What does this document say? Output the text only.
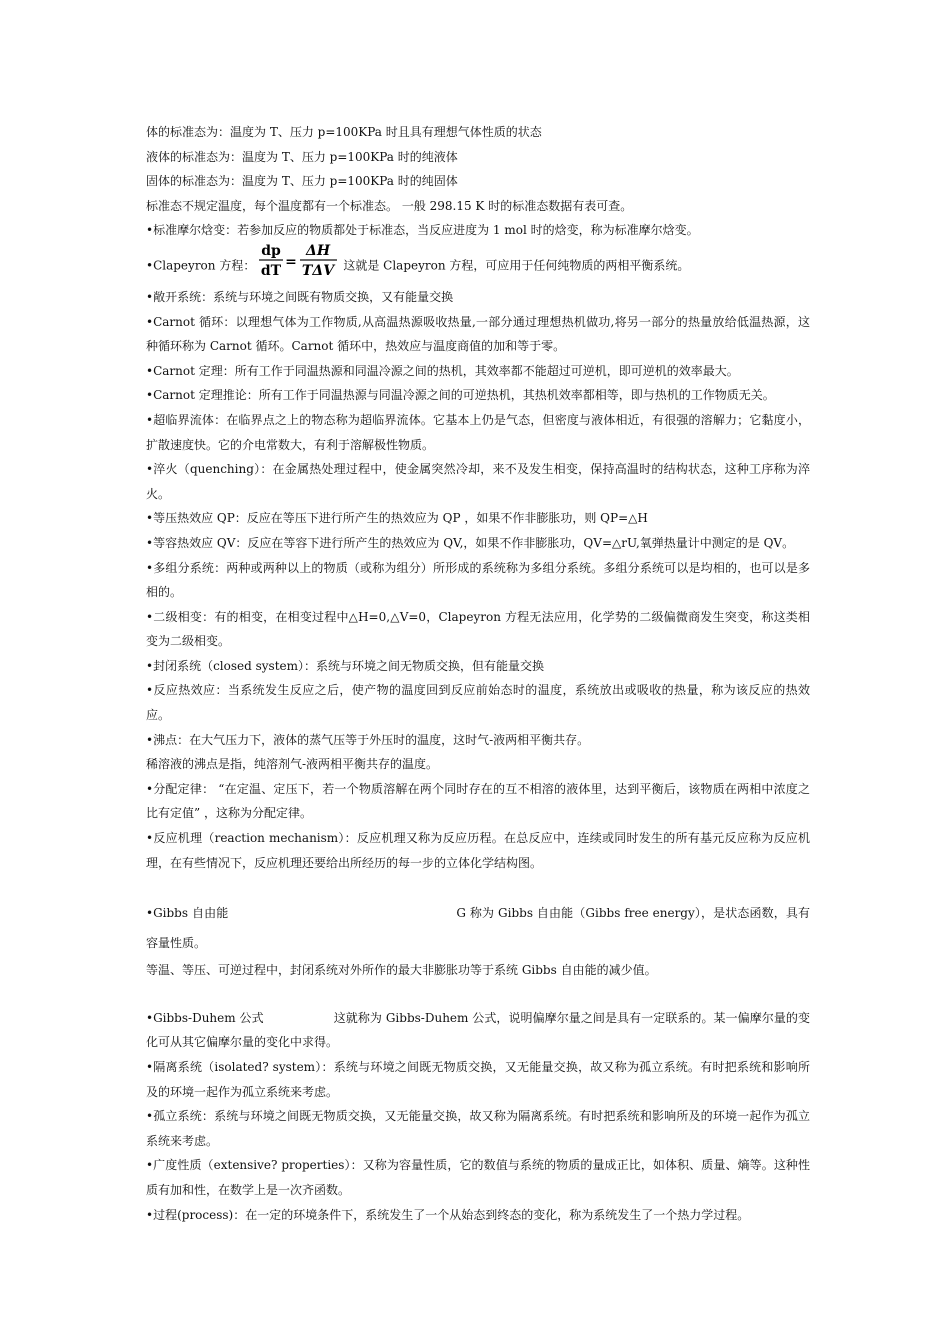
体的标准态为：温度为 T、压力 p=100KPa 时且具有理想气体性质的状态

液体的标准态为：温度为 T、压力 p=100KPa 时的纯液体

固体的标准态为：温度为 T、压力 p=100KPa 时的纯固体

标准态不规定温度，每个温度都有一个标准态。 一般 298.15 K 时的标准态数据有表可查。

•标准摩尔焓变：若参加反应的物质都处于标准态，当反应进度为 1 mol 时的焓变，称为标准摩尔焓变。

•Clapeyron 方程：
dp
dT
=
ΔH
TΔV 这就是 Clapeyron 方程，可应用于任何纯物质的两相平衡系统。

•敞开系统：系统与环境之间既有物质交换，又有能量交换

•Carnot 循环：以理想气体为工作物质,从高温热源吸收热量,一部分通过理想热机做功,将另一部分的热量放给低温热源，这种循环称为 Carnot 循环。Carnot 循环中，热效应与温度商值的加和等于零。

•Carnot 定理：所有工作于同温热源和同温冷源之间的热机，其效率都不能超过可逆机，即可逆机的效率最大。

•Carnot 定理推论：所有工作于同温热源与同温冷源之间的可逆热机，其热机效率都相等，即与热机的工作物质无关。

•超临界流体：在临界点之上的物态称为超临界流体。它基本上仍是气态，但密度与液体相近，有很强的溶解力；它黏度小，扩散速度快。它的介电常数大，有利于溶解极性物质。

•淬火（quenching）：在金属热处理过程中，使金属突然冷却，来不及发生相变，保持高温时的结构状态，这种工序称为淬火。

•等压热效应 QP：反应在等压下进行所产生的热效应为 QP ，如果不作非膨胀功，则 QP=△H

•等容热效应 QV：反应在等容下进行所产生的热效应为 QV,，如果不作非膨胀功，QV=△rU,氧弹热量计中测定的是 QV。

•多组分系统：两种或两种以上的物质（或称为组分）所形成的系统称为多组分系统。多组分系统可以是均相的，也可以是多相的。

•二级相变：有的相变，在相变过程中△H=0,△V=0，Clapeyron 方程无法应用，化学势的二级偏微商发生突变，称这类相变为二级相变。

•封闭系统（closed system）：系统与环境之间无物质交换，但有能量交换

•反应热效应：当系统发生反应之后，使产物的温度回到反应前始态时的温度，系统放出或吸收的热量，称为该反应的热效应。

•沸点：在大气压力下，液体的蒸气压等于外压时的温度，这时气-液两相平衡共存。

稀溶液的沸点是指，纯溶剂气-液两相平衡共存的温度。

•分配定律： “在定温、定压下，若一个物质溶解在两个同时存在的互不相溶的液体里，达到平衡后，该物质在两相中浓度之比有定值” ，这称为分配定律。

•反应机理（reaction mechanism）：反应机理又称为反应历程。在总反应中，连续或同时发生的所有基元反应称为反应机理，在有些情况下，反应机理还要给出所经历的每一步的立体化学结构图。

•Gibbs 自由能	G 称为 Gibbs 自由能（Gibbs free energy），是状态函数，具有容量性质。

等温、等压、可逆过程中，封闭系统对外所作的最大非膨胀功等于系统 Gibbs 自由能的减少值。

•Gibbs-Duhem 公式	这就称为 Gibbs-Duhem 公式，说明偏摩尔量之间是具有一定联系的。某一偏摩尔量的变化可从其它偏摩尔量的变化中求得。

•隔离系统（isolated? system）：系统与环境之间既无物质交换，又无能量交换，故又称为孤立系统。有时把系统和影响所及的环境一起作为孤立系统来考虑。

•孤立系统：系统与环境之间既无物质交换，又无能量交换，故又称为隔离系统。有时把系统和影响所及的环境一起作为孤立系统来考虑。

•广度性质（extensive? properties）：又称为容量性质，它的数值与系统的物质的量成正比，如体积、质量、熵等。这种性质有加和性，在数学上是一次齐函数。

•过程(process)：在一定的环境条件下，系统发生了一个从始态到终态的变化，称为系统发生了一个热力学过程。
